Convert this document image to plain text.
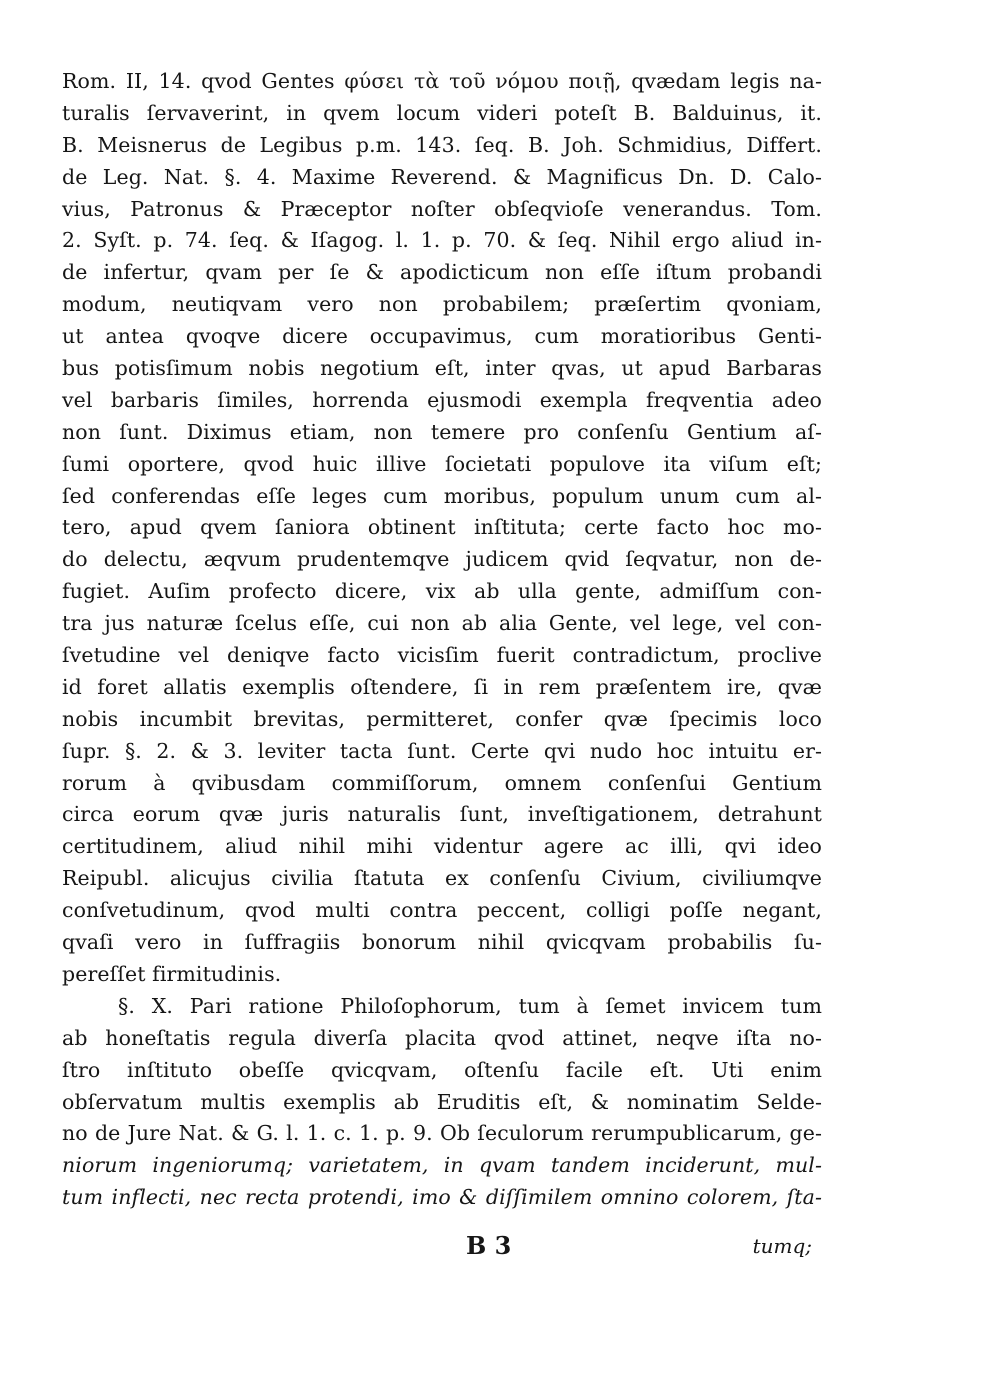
Rom. II, 14. qvod Gentes φύσει τὰ τοῦ νόμου ποιῇ, qvædam legis na-
turalis ſervaverint, in qvem locum videri poteſt B. Balduinus, it.
B. Meisnerus de Legibus p.m. 143. ſeq. B. Joh. Schmidius, Differt.
de Leg. Nat. §. 4. Maxime Reverend. & Magnificus Dn. D. Calo-
vius, Patronus & Præceptor noſter obſeqvioſe venerandus. Tom.
2. Syſt. p. 74. ſeq. & Iſagog. l. 1. p. 70. & ſeq. Nihil ergo aliud in-
de infertur, qvam per ſe & apodicticum non eſſe iſtum probandi
modum, neutiqvam vero non probabilem; præſertim qvoniam,
ut antea qvoqve dicere occupavimus, cum moratioribus Genti-
bus potisſimum nobis negotium eſt, inter qvas, ut apud Barbaras
vel barbaris ſimiles, horrenda ejusmodi exempla freqventia adeo
non ſunt. Diximus etiam, non temere pro conſenſu Gentium aſ-
ſumi oportere, qvod huic illive ſocietati populove ita viſum eſt;
ſed conferendas eſſe leges cum moribus, populum unum cum al-
tero, apud qvem ſaniora obtinent inſtituta; certe facto hoc mo-
do delectu, æqvum prudentemqve judicem qvid ſeqvatur, non de-
fugiet. Auſim profecto dicere, vix ab ulla gente, admiſſum con-
tra jus naturæ ſcelus eſſe, cui non ab alia Gente, vel lege, vel con-
ſvetudine vel deniqve facto vicisſim fuerit contradictum, proclive
id foret allatis exemplis oſtendere, ſi in rem præſentem ire, qvæ
nobis incumbit brevitas, permitteret, confer qvæ ſpecimis loco
ſupr. §. 2. & 3. leviter tacta ſunt. Certe qvi nudo hoc intuitu er-
rorum à qvibusdam commiſſorum, omnem conſenſui Gentium
circa eorum qvæ juris naturalis ſunt, inveſtigationem, detrahunt
certitudinem, aliud nihil mihi videntur agere ac illi, qvi ideo
Reipubl. alicujus civilia ſtatuta ex conſenſu Civium, civiliumqve
conſvetudinum, qvod multi contra peccent, colligi poſſe negant,
qvaſi vero in ſuffragiis bonorum nihil qvicqvam probabilis ſu-
pereſſet firmitudinis.
§. X. Pari ratione Philoſophorum, tum à ſemet invicem tum
ab honeſtatis regula diverſa placita qvod attinet, neqve iſta no-
ſtro inſtituto obeſſe qvicqvam, oſtenſu facile eſt. Uti enim
obſervatum multis exemplis ab Eruditis eſt, & nominatim Selde-
no de Jure Nat. & G. l. 1. c. 1. p. 9. Ob ſeculorum rerumpublicarum, ge-
niorum ingeniorumq; varietatem, in qvam tandem inciderunt, mul-
tum inflecti, nec recta protendi, imo & diſſimilem omnino colorem, ſta-
B 3	tumq;
